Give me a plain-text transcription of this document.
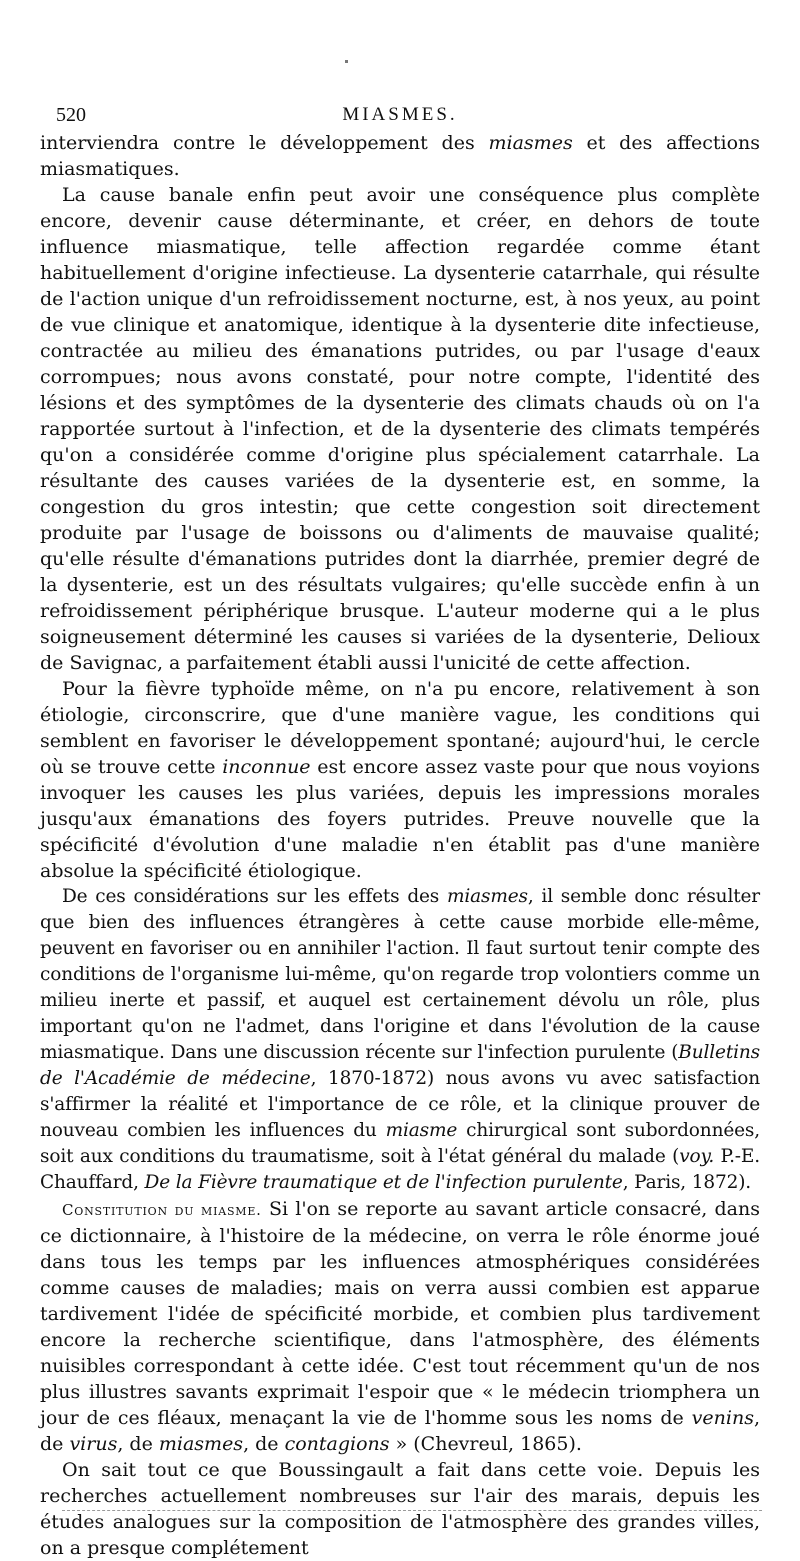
520	MIASMES.

interviendra contre le développement des miasmes et des affections miasmatiques.

La cause banale enfin peut avoir une conséquence plus complète encore, devenir cause déterminante, et créer, en dehors de toute influence miasmatique, telle affection regardée comme étant habituellement d'origine infectieuse. La dysenterie catarrhale, qui résulte de l'action unique d'un refroidissement nocturne, est, à nos yeux, au point de vue clinique et anatomique, identique à la dysenterie dite infectieuse, contractée au milieu des émanations putrides, ou par l'usage d'eaux corrompues; nous avons constaté, pour notre compte, l'identité des lésions et des symptômes de la dysenterie des climats chauds où on l'a rapportée surtout à l'infection, et de la dysenterie des climats tempérés qu'on a considérée comme d'origine plus spécialement catarrhale. La résultante des causes variées de la dysenterie est, en somme, la congestion du gros intestin; que cette congestion soit directement produite par l'usage de boissons ou d'aliments de mauvaise qualité; qu'elle résulte d'émanations putrides dont la diarrhée, premier degré de la dysenterie, est un des résultats vulgaires; qu'elle succède enfin à un refroidissement périphérique brusque. L'auteur moderne qui a le plus soigneusement déterminé les causes si variées de la dysenterie, Delioux de Savignac, a parfaitement établi aussi l'unicité de cette affection.

Pour la fièvre typhoïde même, on n'a pu encore, relativement à son étiologie, circonscrire, que d'une manière vague, les conditions qui semblent en favoriser le développement spontané; aujourd'hui, le cercle où se trouve cette inconnue est encore assez vaste pour que nous voyions invoquer les causes les plus variées, depuis les impressions morales jusqu'aux émanations des foyers putrides. Preuve nouvelle que la spécificité d'évolution d'une maladie n'en établit pas d'une manière absolue la spécificité étiologique.

De ces considérations sur les effets des miasmes, il semble donc résulter que bien des influences étrangères à cette cause morbide elle-même, peuvent en favoriser ou en annihiler l'action. Il faut surtout tenir compte des conditions de l'organisme lui-même, qu'on regarde trop volontiers comme un milieu inerte et passif, et auquel est certainement dévolu un rôle, plus important qu'on ne l'admet, dans l'origine et dans l'évolution de la cause miasmatique. Dans une discussion récente sur l'infection purulente (Bulletins de l'Académie de médecine, 1870-1872) nous avons vu avec satisfaction s'affirmer la réalité et l'importance de ce rôle, et la clinique prouver de nouveau combien les influences du miasme chirurgical sont subordonnées, soit aux conditions du traumatisme, soit à l'état général du malade (voy. P.-E. Chauffard, De la Fièvre traumatique et de l'infection purulente, Paris, 1872).

Constitution du miasme. Si l'on se reporte au savant article consacré, dans ce dictionnaire, à l'histoire de la médecine, on verra le rôle énorme joué dans tous les temps par les influences atmosphériques considérées comme causes de maladies; mais on verra aussi combien est apparue tardivement l'idée de spécificité morbide, et combien plus tardivement encore la recherche scientifique, dans l'atmosphère, des éléments nuisibles correspondant à cette idée. C'est tout récemment qu'un de nos plus illustres savants exprimait l'espoir que « le médecin triomphera un jour de ces fléaux, menaçant la vie de l'homme sous les noms de venins, de virus, de miasmes, de contagions » (Chevreul, 1865).

On sait tout ce que Boussingault a fait dans cette voie. Depuis les recherches actuellement nombreuses sur l'air des marais, depuis les études analogues sur la composition de l'atmosphère des grandes villes, on a presque complétement
